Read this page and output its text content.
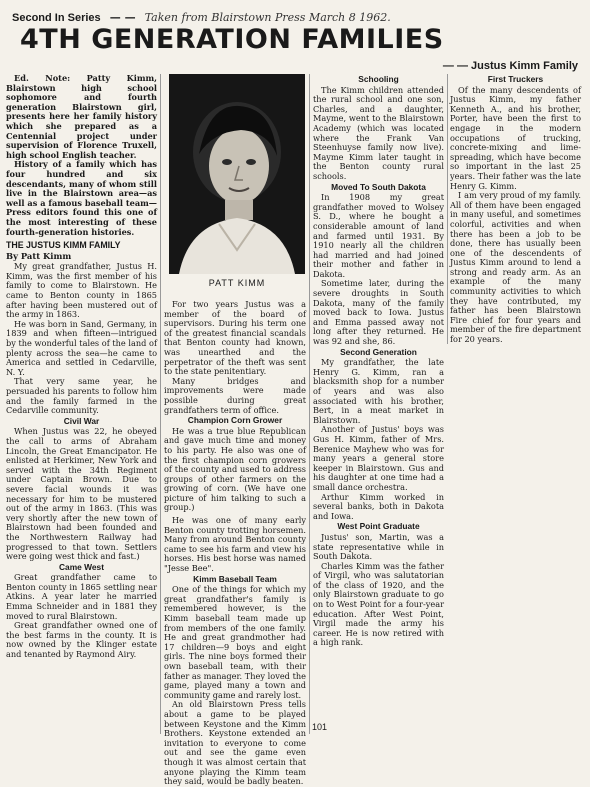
Second In Series — — Taken from Blairstown Press March 8 1962.
4TH GENERATION FAMILIES
— — Justus Kimm Family

Ed. Note: Patty Kimm, Blairstown high school sophomore and fourth generation Blairstown girl, presents here her family history which she prepared as a Centennial project under supervision of Florence Truxell, high school English teacher.

History of a family which has four hundred and six descendants, many of whom still live in the Blairstown area—as well as a famous baseball team—Press editors found this one of the most interesting of these fourth-generation histories.

THE JUSTUS KIMM FAMILY
By Patt Kimm

My great grandfather, Justus H. Kimm, was the first member of his family to come to Blairstown. He came to Benton county in 1865 after having been mustered out of the army in 1863.

He was born in Sand, Germany, in 1839 and when fifteen—intrigued by the wonderful tales of the land of plenty across the sea—he came to America and settled in Cedarville, N. Y.

That very same year, he persuaded his parents to follow him and the family farmed in the Cedarville community.

Civil War

When Justus was 22, he obeyed the call to arms of Abraham Lincoln, the Great Emancipator. He enlisted at Herkimer, New York and served with the 34th Regiment under Captain Brown. Due to severe facial wounds it was necessary for him to be mustered out of the army in 1863. (This was very shortly after the new town of Blairstown had been founded and the Northwestern Railway had progressed to that town. Settlers were going west thick and fast.)

Came West

Great grandfather came to Benton county in 1865 settling near Atkins. A year later he married Emma Schneider and in 1881 they moved to rural Blairstown.

Great grandfather owned one of the best farms in the county. It is now owned by the Klinger estate and tenanted by Raymond Airy.

PATT KIMM

For two years Justus was a member of the board of supervisors. During his term one of the greatest financial scandals that Benton county had known, was unearthed and the perpetrator of the theft was sent to the state penitentiary.

Many bridges and improvements were made possible during great grandfathers term of office.

Champion Corn Grower

He was a true blue Republican and gave much time and money to his party. He also was one of the first champion corn growers of the county and used to address groups of other farmers on the growing of corn. (We have one picture of him talking to such a group.)

He was one of many early Benton county trotting horsemen. Many from around Benton county came to see his farm and view his horses. His best horse was named "Jesse Bee".

Kimm Baseball Team

One of the things for which my great grandfather's family is remembered however, is the Kimm baseball team made up from members of the one family. He and great grandmother had 17 children—9 boys and eight girls. The nine boys formed their own baseball team, with their father as manager. They loved the game, played many a town and community game and rarely lost.

An old Blairstown Press tells about a game to be played between Keystone and the Kimm Brothers. Keystone extended an invitation to everyone to come out and see the game even though it was almost certain that anyone playing the Kimm team they said, would be badly beaten.

Schooling

The Kimm children attended the rural school and one son, Charles, and a daughter, Mayme, went to the Blairstown Academy (which was located where the Frank Van Steenhuyse family now live). Mayme Kimm later taught in the Benton county rural schools.

Moved To South Dakota

In 1908 my great grandfather moved to Wolsey S. D., where he bought a considerable amount of land and farmed until 1931. By 1910 nearly all the children had married and had joined their mother and father in Dakota.

Sometime later, during the severe droughts in South Dakota, many of the family moved back to Iowa. Justus and Emma passed away not long after they returned. He was 92 and she, 86.

Second Generation

My grandfather, the late Henry G. Kimm, ran a blacksmith shop for a number of years and was also associated with his brother, Bert, in a meat market in Blairstown.

Another of Justus' boys was Gus H. Kimm, father of Mrs. Berenice Mayhew who was for many years a general store keeper in Blairstown. Gus and his daughter at one time had a small dance orchestra.

Arthur Kimm worked in several banks, both in Dakota and Iowa.

West Point Graduate

Justus' son, Martin, was a state representative while in South Dakota.

Charles Kimm was the father of Virgil, who was salutatorian of the class of 1920, and the only Blairstown graduate to go on to West Point for a four-year education. After West Point, Virgil made the army his career. He is now retired with a high rank.

First Truckers

Of the many descendents of Justus Kimm, my father Kenneth A., and his brother, Porter, have been the first to engage in the modern occupations of trucking, concrete-mixing and lime-spreading, which have become so important in the last 25 years. Their father was the late Henry G. Kimm.

I am very proud of my family. All of them have been engaged in many useful, and sometimes colorful, activities and when there has been a job to be done, there has usually been one of the descendents of Justus Kimm around to lend a strong and ready arm. As an example of the many community activities to which they have contributed, my father has been Blairstown Fire chief for four years and member of the fire department for 20 years.

101
